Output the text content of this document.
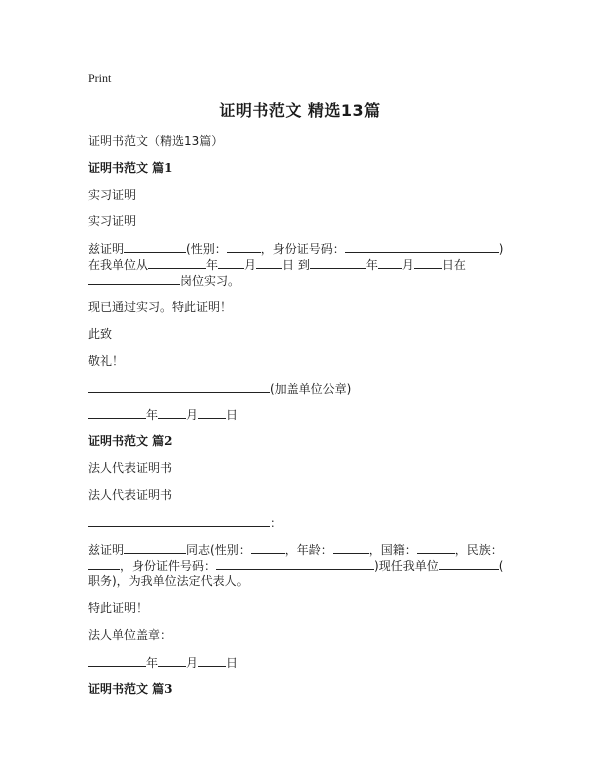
Print
证明书范文 精选13篇
证明书范文（精选13篇）
证明书范文 篇1
实习证明
实习证明
兹证明	(性别：	，身份证号码：	)
在我单位从	年 月 日 到	年 月 日在
岗位实习。
现已通过实习。特此证明！
此致
敬礼！
(加盖单位公章)
年 月 日
证明书范文 篇2
法人代表证明书
法人代表证明书
：
兹证明	同志(性别：	，年龄：	，国籍：	，民族：
，身份证件号码：	)现任我单位	(
职务)，为我单位法定代表人。
特此证明！
法人单位盖章：
年 月 日
证明书范文 篇3
